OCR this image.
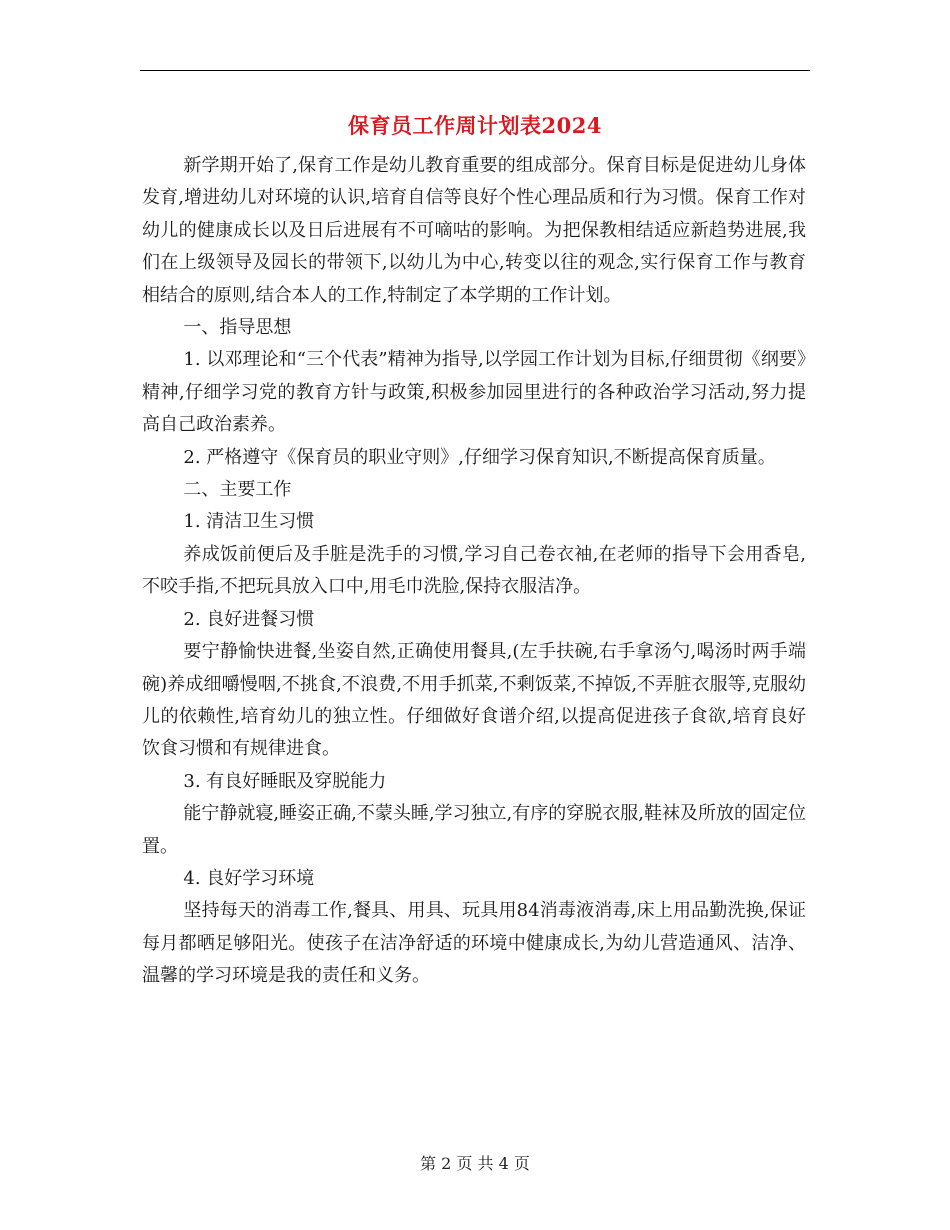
保育员工作周计划表2024

新学期开始了,保育工作是幼儿教育重要的组成部分。保育目标是促进幼儿身体发育,增进幼儿对环境的认识,培育自信等良好个性心理品质和行为习惯。保育工作对幼儿的健康成长以及日后进展有不可嘀咕的影响。为把保教相结适应新趋势进展,我们在上级领导及园长的带领下,以幼儿为中心,转变以往的观念,实行保育工作与教育相结合的原则,结合本人的工作,特制定了本学期的工作计划。

一、指导思想

1. 以邓理论和“三个代表”精神为指导,以学园工作计划为目标,仔细贯彻《纲要》精神,仔细学习党的教育方针与政策,积极参加园里进行的各种政治学习活动,努力提高自己政治素养。

2. 严格遵守《保育员的职业守则》,仔细学习保育知识,不断提高保育质量。

二、主要工作

1. 清洁卫生习惯

养成饭前便后及手脏是洗手的习惯,学习自己卷衣袖,在老师的指导下会用香皂,不咬手指,不把玩具放入口中,用毛巾洗脸,保持衣服洁净。

2. 良好进餐习惯

要宁静愉快进餐,坐姿自然,正确使用餐具,(左手扶碗,右手拿汤勺,喝汤时两手端碗)养成细嚼慢咽,不挑食,不浪费,不用手抓菜,不剩饭菜,不掉饭,不弄脏衣服等,克服幼儿的依赖性,培育幼儿的独立性。仔细做好食谱介绍,以提高促进孩子食欲,培育良好饮食习惯和有规律进食。

3. 有良好睡眠及穿脱能力

能宁静就寝,睡姿正确,不蒙头睡,学习独立,有序的穿脱衣服,鞋袜及所放的固定位置。

4. 良好学习环境

坚持每天的消毒工作,餐具、用具、玩具用84消毒液消毒,床上用品勤洗换,保证每月都晒足够阳光。使孩子在洁净舒适的环境中健康成长,为幼儿营造通风、洁净、温馨的学习环境是我的责任和义务。

第 2 页 共 4 页
